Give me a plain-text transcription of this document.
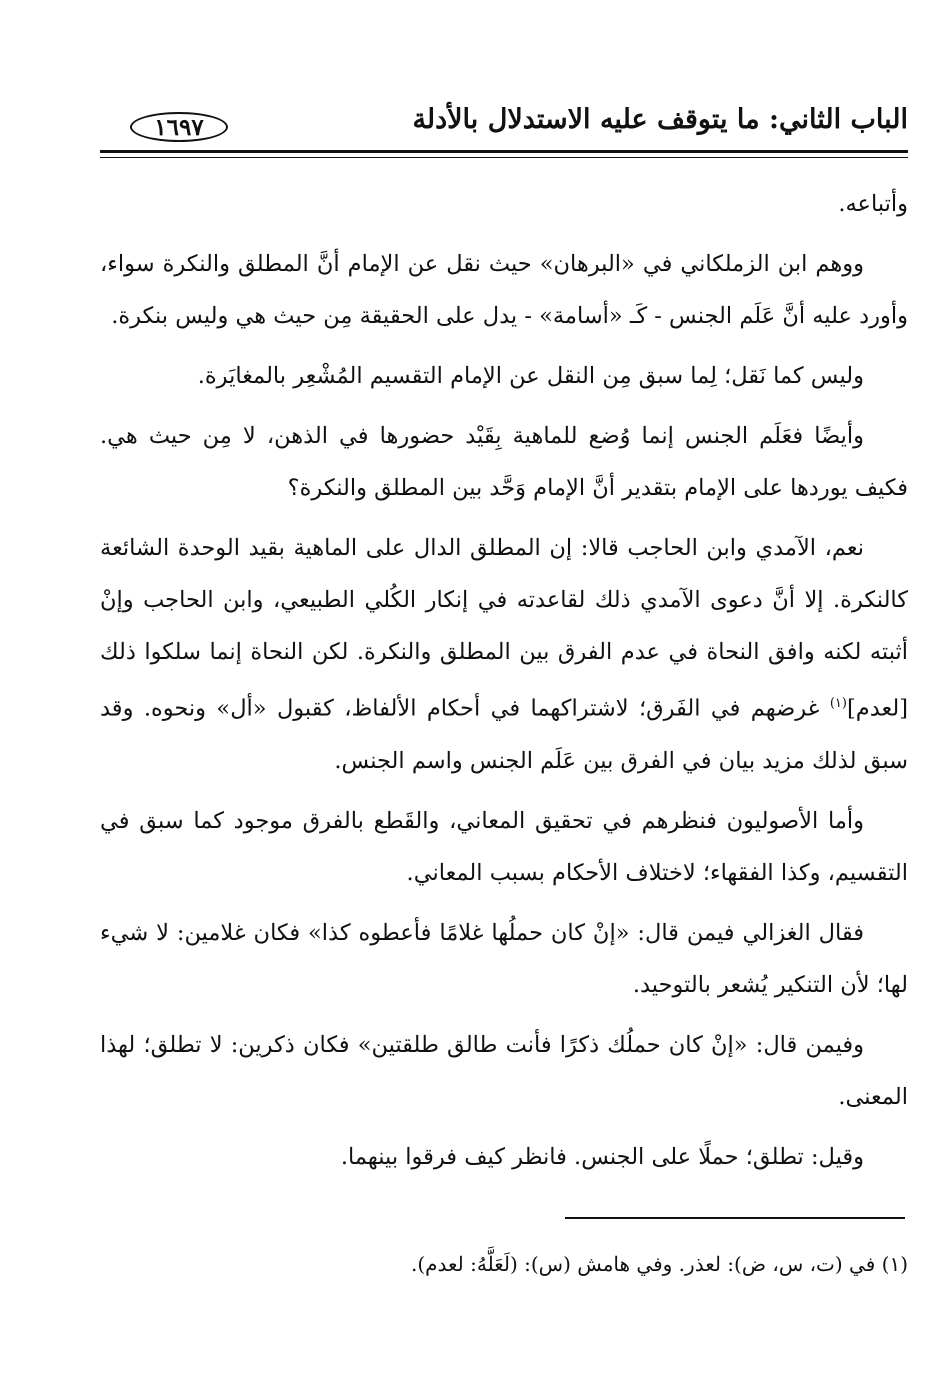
الباب الثاني: ما يتوقف عليه الاستدلال بالأدلة
١٦٩٧

وأتباعه.

ووهم ابن الزملكاني في «البرهان» حيث نقل عن الإمام أنَّ المطلق والنكرة سواء، وأورد عليه أنَّ عَلَم الجنس - كَـ «أسامة» - يدل على الحقيقة مِن حيث هي وليس بنكرة.

وليس كما نَقل؛ لِما سبق مِن النقل عن الإمام التقسيم المُشْعِر بالمغايَرة.

وأيضًا فعَلَم الجنس إنما وُضع للماهية بِقَيْد حضورها في الذهن، لا مِن حيث هي. فكيف يوردها على الإمام بتقدير أنَّ الإمام وَحَّد بين المطلق والنكرة؟

نعم، الآمدي وابن الحاجب قالا: إن المطلق الدال على الماهية بقيد الوحدة الشائعة كالنكرة. إلا أنَّ دعوى الآمدي ذلك لقاعدته في إنكار الكُلي الطبيعي، وابن الحاجب وإنْ أثبته لكنه وافق النحاة في عدم الفرق بين المطلق والنكرة. لكن النحاة إنما سلكوا ذلك [لعدم]$^{(١)}$ غرضهم في الفَرق؛ لاشتراكهما في أحكام الألفاظ، كقبول «أل» ونحوه. وقد سبق لذلك مزيد بيان في الفرق بين عَلَم الجنس واسم الجنس.

وأما الأصوليون فنظرهم في تحقيق المعاني، والقَطع بالفرق موجود كما سبق في التقسيم، وكذا الفقهاء؛ لاختلاف الأحكام بسبب المعاني.

فقال الغزالي فيمن قال: «إنْ كان حملُها غلامًا فأعطوه كذا» فكان غلامين: لا شيء لها؛ لأن التنكير يُشعر بالتوحيد.

وفيمن قال: «إنْ كان حملُك ذكرًا فأنت طالق طلقتين» فكان ذكرين: لا تطلق؛ لهذا المعنى.

وقيل: تطلق؛ حملًا على الجنس. فانظر كيف فرقوا بينهما.

(١) في (ت، س، ض): لعذر. وفي هامش (س): (لَعَلَّهُ: لعدم).
